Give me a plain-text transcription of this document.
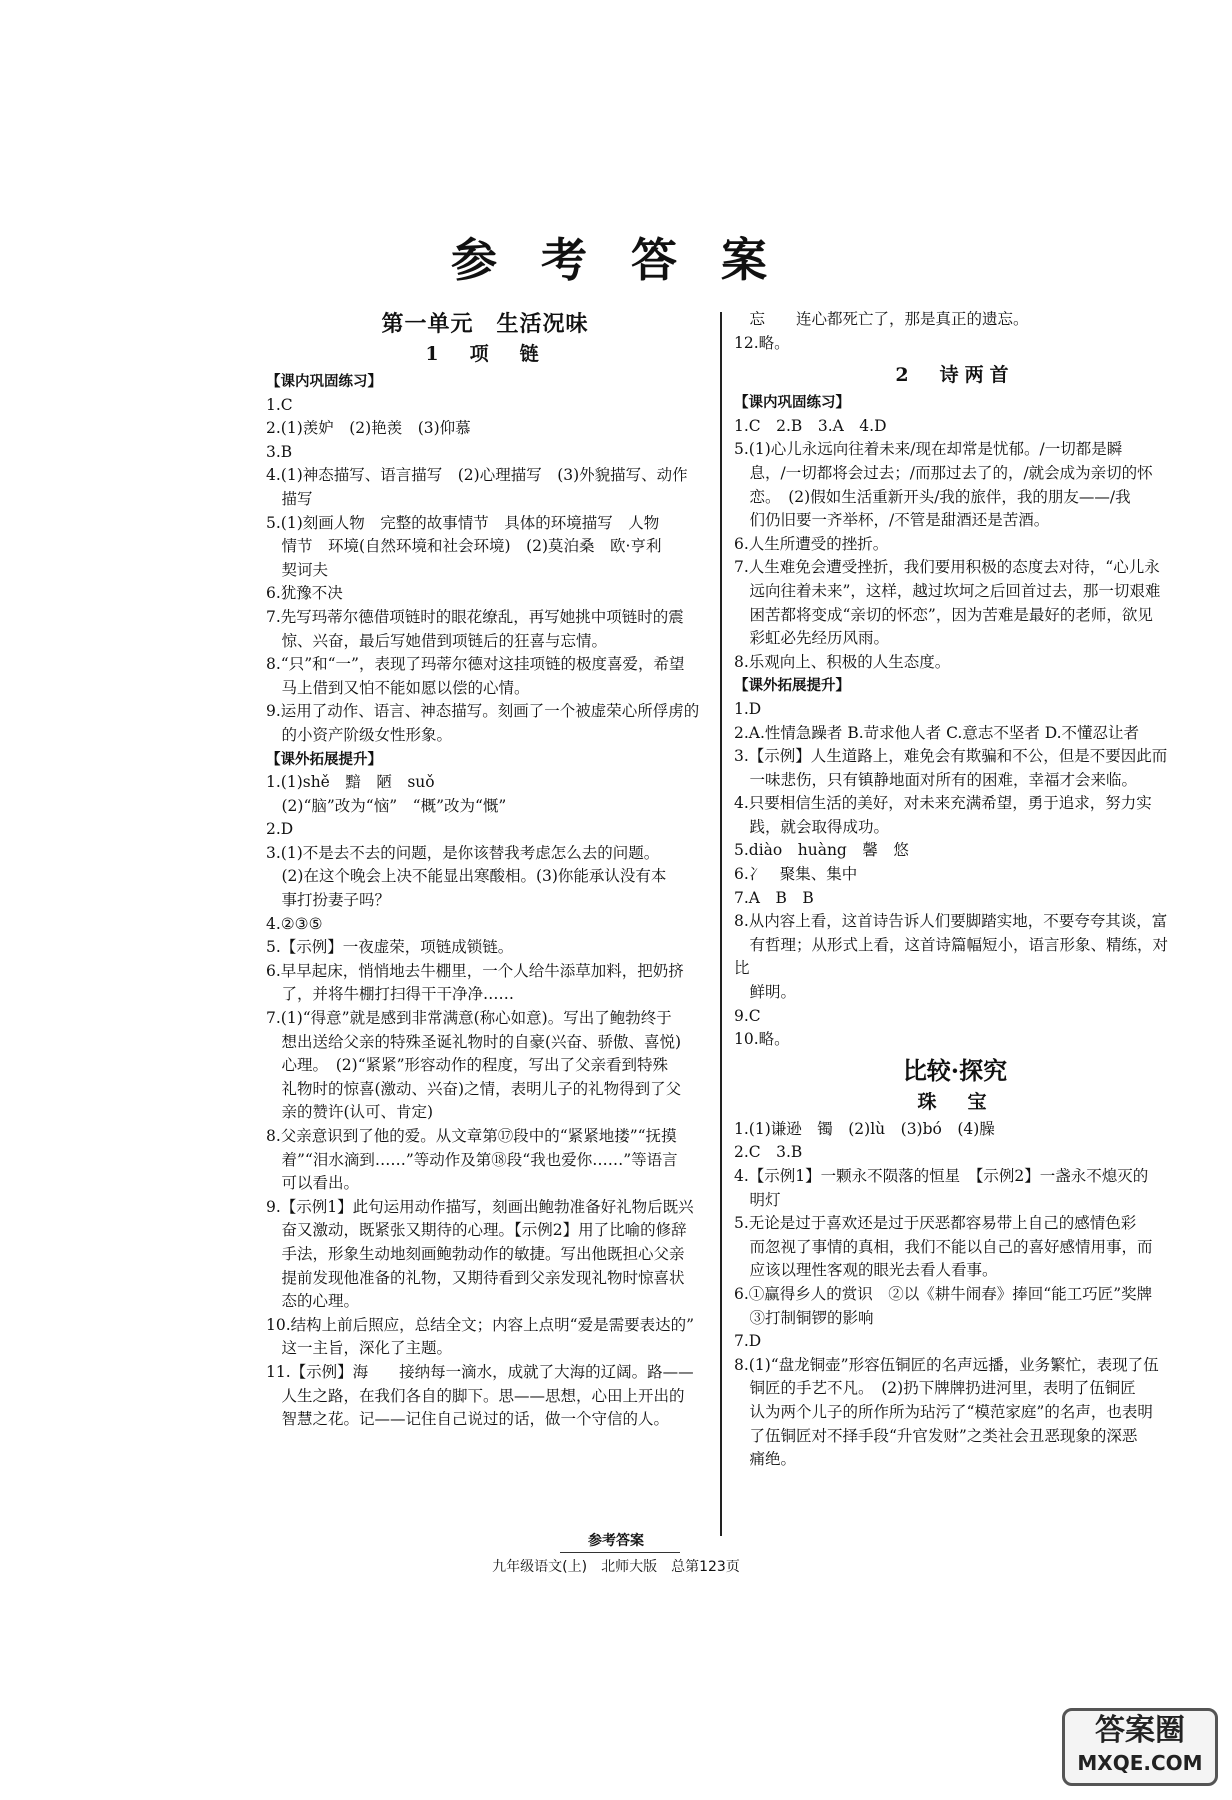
参 考 答 案
第一单元　生活况味
1　项　链
【课内巩固练习】
1.C
2.(1)羡妒　(2)艳羡　(3)仰慕
3.B
4.(1)神态描写、语言描写　(2)心理描写　(3)外貌描写、动作
　描写
5.(1)刻画人物　完整的故事情节　具体的环境描写　人物
　情节　环境(自然环境和社会环境)　(2)莫泊桑　欧·亨利
　契诃夫
6.犹豫不决
7.先写玛蒂尔德借项链时的眼花缭乱，再写她挑中项链时的震
　惊、兴奋，最后写她借到项链后的狂喜与忘情。
8.“只”和“一”，表现了玛蒂尔德对这挂项链的极度喜爱，希望
　马上借到又怕不能如愿以偿的心情。
9.运用了动作、语言、神态描写。刻画了一个被虚荣心所俘虏的
　的小资产阶级女性形象。
【课外拓展提升】
1.(1)shě　黯　陋　suǒ
　(2)“脑”改为“恼”　“概”改为“慨”
2.D
3.(1)不是去不去的问题，是你该替我考虑怎么去的问题。
　(2)在这个晚会上决不能显出寒酸相。(3)你能承认没有本
　事打扮妻子吗？
4.②③⑤
5.【示例】一夜虚荣，项链成锁链。
6.早早起床，悄悄地去牛棚里，一个人给牛添草加料，把奶挤
　了，并将牛棚打扫得干干净净……
7.(1)“得意”就是感到非常满意(称心如意)。写出了鲍勃终于
　想出送给父亲的特殊圣诞礼物时的自豪(兴奋、骄傲、喜悦)
　心理。　(2)“紧紧”形容动作的程度，写出了父亲看到特殊
　礼物时的惊喜(激动、兴奋)之情，表明儿子的礼物得到了父
　亲的赞许(认可、肯定)
8.父亲意识到了他的爱。从文章第⑰段中的“紧紧地搂”“抚摸
　着”“泪水滴到……”等动作及第⑱段“我也爱你……”等语言
　可以看出。
9.【示例1】此句运用动作描写，刻画出鲍勃准备好礼物后既兴
　奋又激动，既紧张又期待的心理。【示例2】用了比喻的修辞
　手法，形象生动地刻画鲍勃动作的敏捷。写出他既担心父亲
　提前发现他准备的礼物，又期待看到父亲发现礼物时惊喜状
　态的心理。
10.结构上前后照应，总结全文；内容上点明“爱是需要表达的”
　这一主旨，深化了主题。
11.【示例】海　　接纳每一滴水，成就了大海的辽阔。路——
　人生之路，在我们各自的脚下。思——思想，心田上开出的
　智慧之花。记——记住自己说过的话，做一个守信的人。
　忘　　连心都死亡了，那是真正的遗忘。
12.略。
2　诗两首
【课内巩固练习】
1.C　2.B　3.A　4.D
5.(1)心儿永远向往着未来/现在却常是忧郁。/一切都是瞬
　息，/一切都将会过去；/而那过去了的，/就会成为亲切的怀
　恋。　(2)假如生活重新开头/我的旅伴，我的朋友——/我
　们仍旧要一齐举杯，/不管是甜酒还是苦酒。
6.人生所遭受的挫折。
7.人生难免会遭受挫折，我们要用积极的态度去对待，“心儿永
　远向往着未来”，这样，越过坎坷之后回首过去，那一切艰难
　困苦都将变成“亲切的怀恋”，因为苦难是最好的老师，欲见
　彩虹必先经历风雨。
8.乐观向上、积极的人生态度。
【课外拓展提升】
1.D
2.A.性情急躁者 B.苛求他人者 C.意志不坚者 D.不懂忍让者
3.【示例】人生道路上，难免会有欺骗和不公，但是不要因此而
　一味悲伤，只有镇静地面对所有的困难，幸福才会来临。
4.只要相信生活的美好，对未来充满希望，勇于追求，努力实
　践，就会取得成功。
5.diào　huàng　馨　悠
6.冫　聚集、集中
7.A　B　B
8.从内容上看，这首诗告诉人们要脚踏实地，不要夸夸其谈，富
　有哲理；从形式上看，这首诗篇幅短小，语言形象、精练，对比
　鲜明。
9.C
10.略。
比较·探究
珠　宝
1.(1)谦逊　镯　(2)lù　(3)bó　(4)臊
2.C　3.B
4.【示例1】一颗永不陨落的恒星　【示例2】一盏永不熄灭的
　明灯
5.无论是过于喜欢还是过于厌恶都容易带上自己的感情色彩
　而忽视了事情的真相，我们不能以自己的喜好感情用事，而
　应该以理性客观的眼光去看人看事。
6.①赢得乡人的赏识　②以《耕牛闹春》捧回“能工巧匠”奖牌
　③打制铜锣的影响
7.D
8.(1)“盘龙铜壶”形容伍铜匠的名声远播，业务繁忙，表现了伍
　铜匠的手艺不凡。　(2)扔下牌牌扔进河里，表明了伍铜匠
　认为两个儿子的所作所为玷污了“模范家庭”的名声，也表明
　了伍铜匠对不择手段“升官发财”之类社会丑恶现象的深恶
　痛绝。
参考答案
九年级语文(上)　北师大版　总第123页
答案圈
MXQE.COM
